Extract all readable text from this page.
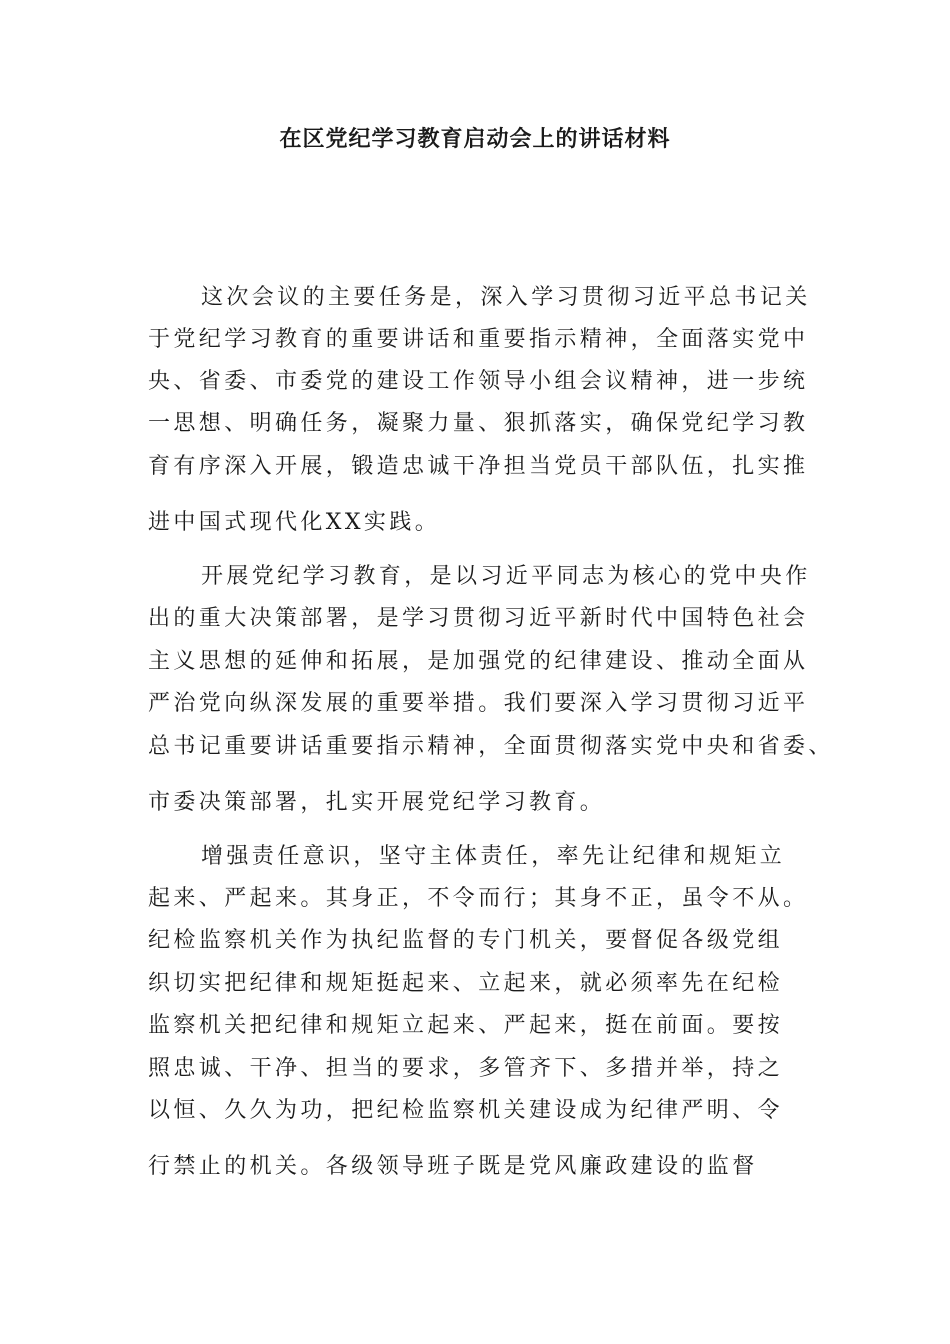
在区党纪学习教育启动会上的讲话材料
这次会议的主要任务是，深入学习贯彻习近平总书记关
于党纪学习教育的重要讲话和重要指示精神，全面落实党中
央、省委、市委党的建设工作领导小组会议精神，进一步统
一思想、明确任务，凝聚力量、狠抓落实，确保党纪学习教
育有序深入开展，锻造忠诚干净担当党员干部队伍，扎实推
进中国式现代化XX实践。
开展党纪学习教育，是以习近平同志为核心的党中央作
出的重大决策部署，是学习贯彻习近平新时代中国特色社会
主义思想的延伸和拓展，是加强党的纪律建设、推动全面从
严治党向纵深发展的重要举措。我们要深入学习贯彻习近平
总书记重要讲话重要指示精神，全面贯彻落实党中央和省委、
市委决策部署，扎实开展党纪学习教育。
增强责任意识，坚守主体责任，率先让纪律和规矩立
起来、严起来。其身正，不令而行；其身不正，虽令不从。
纪检监察机关作为执纪监督的专门机关，要督促各级党组
织切实把纪律和规矩挺起来、立起来，就必须率先在纪检
监察机关把纪律和规矩立起来、严起来，挺在前面。要按
照忠诚、干净、担当的要求，多管齐下、多措并举，持之
以恒、久久为功，把纪检监察机关建设成为纪律严明、令
行禁止的机关。各级领导班子既是党风廉政建设的监督
